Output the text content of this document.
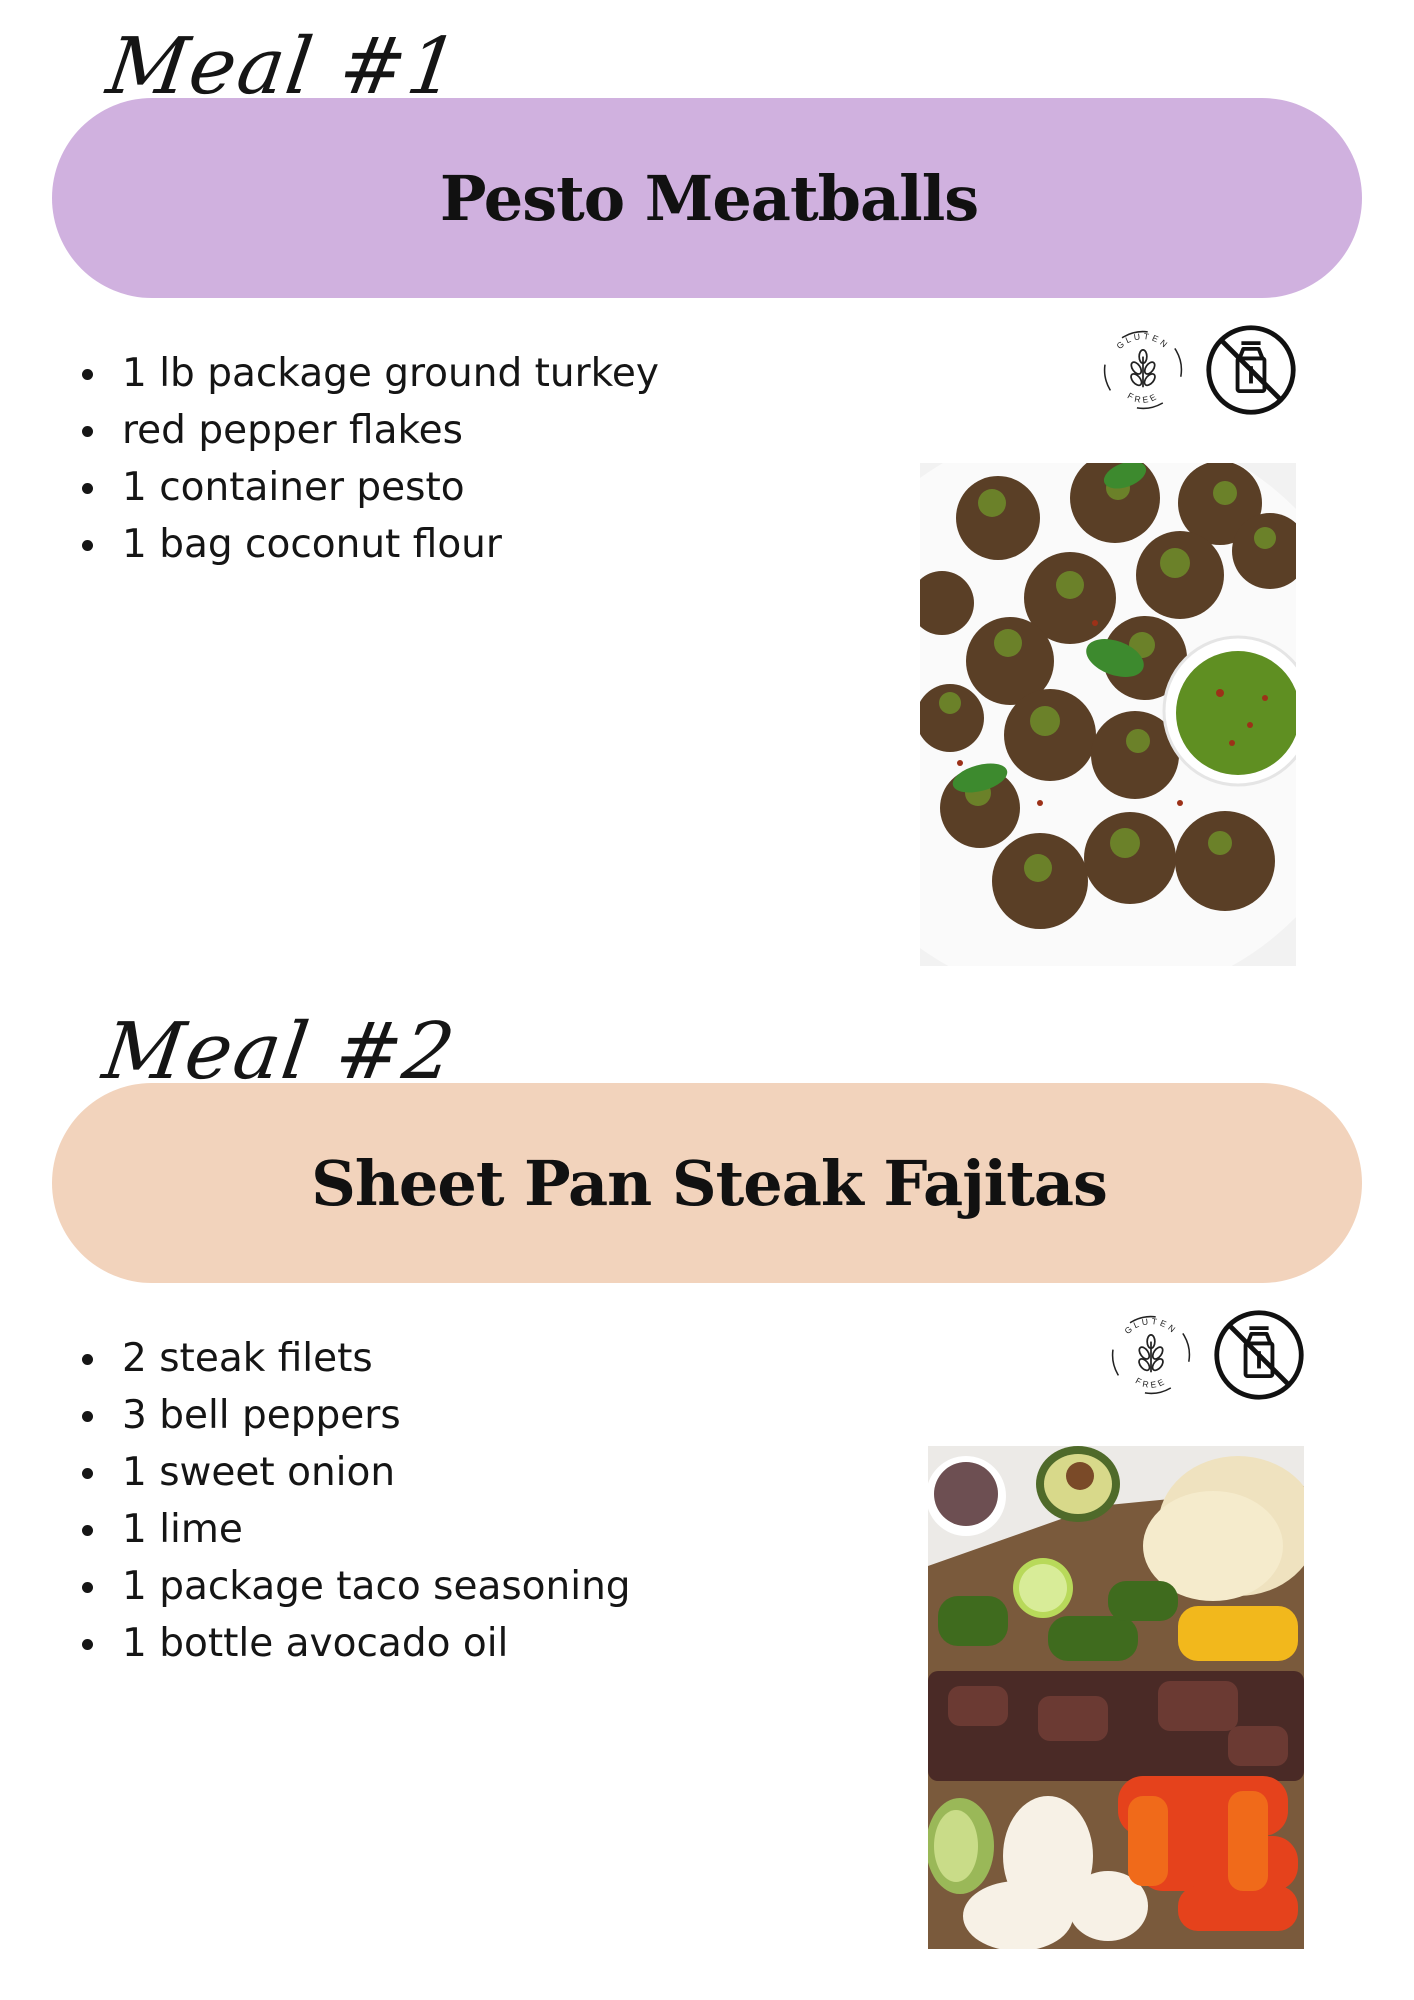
Meal #1
Pesto Meatballs
1 lb package ground turkey
red pepper flakes
1 container pesto
1 bag coconut flour
GLUTEN
FREE
Meal #2
Sheet Pan Steak Fajitas
2 steak filets
3 bell peppers
1 sweet onion
1 lime
1 package taco seasoning
1 bottle avocado oil
GLUTEN
FREE
